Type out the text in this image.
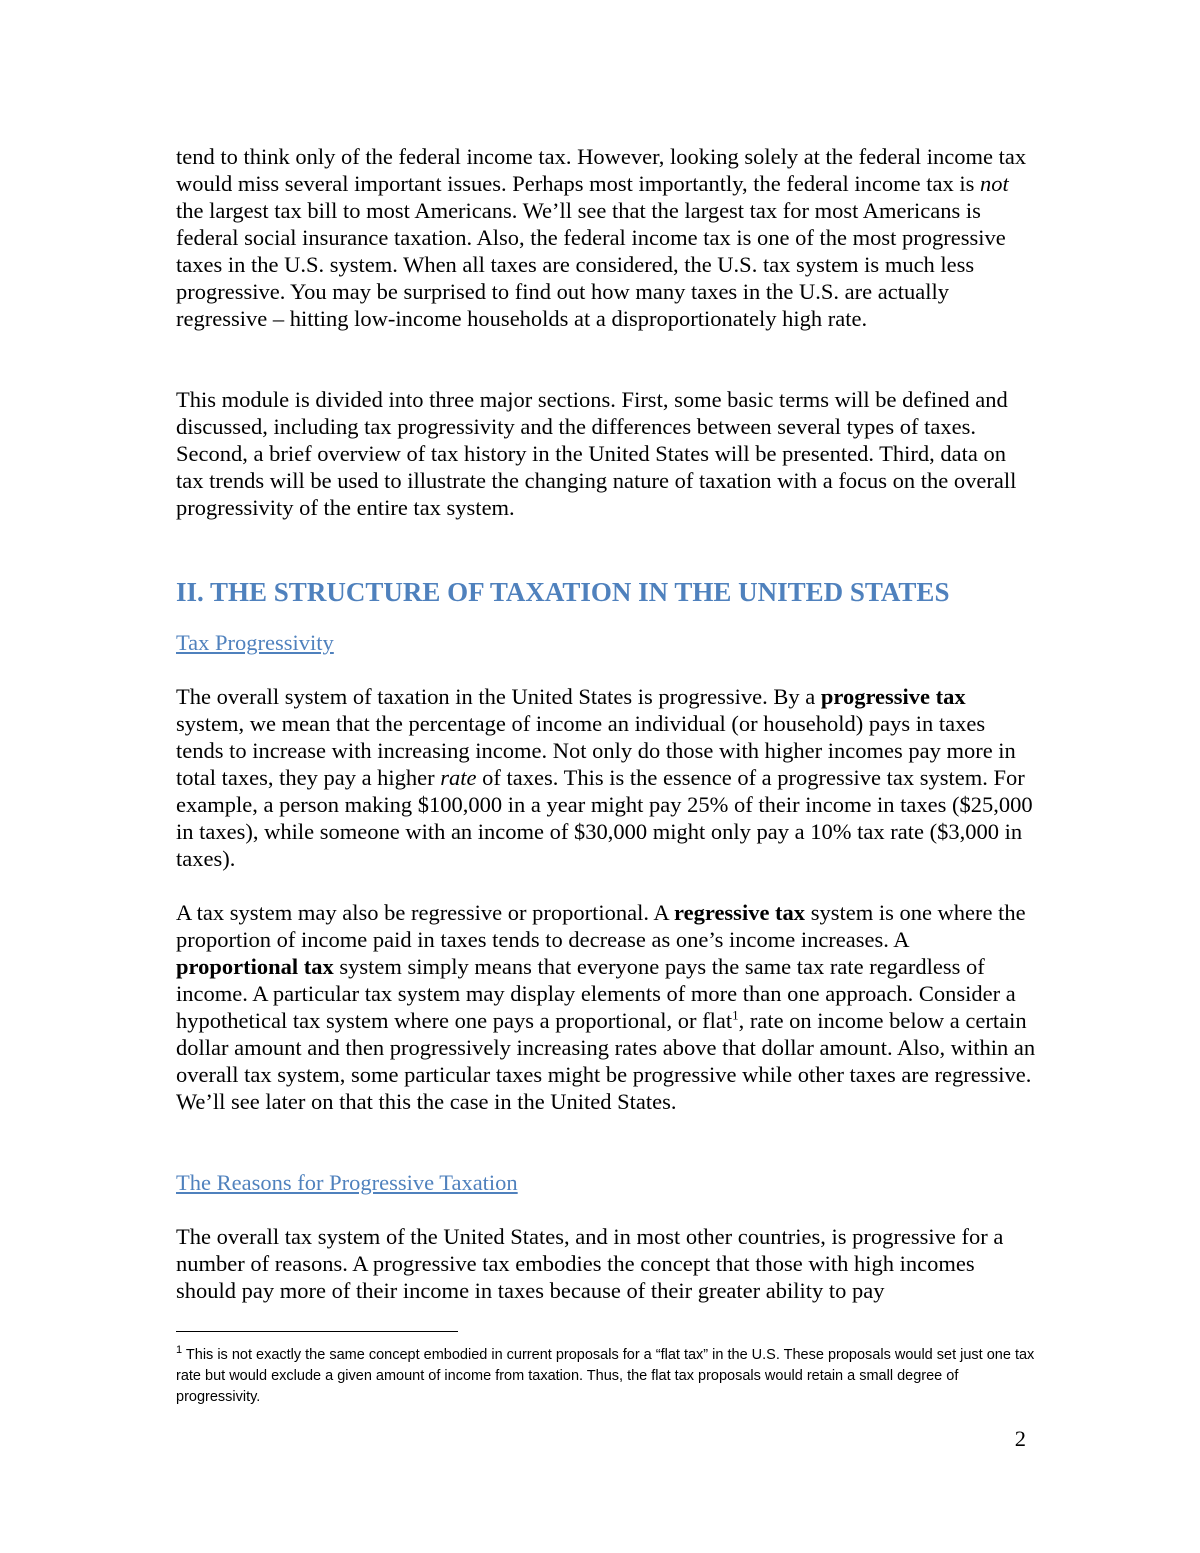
tend to think only of the federal income tax. However, looking solely at the federal income tax would miss several important issues. Perhaps most importantly, the federal income tax is not the largest tax bill to most Americans. We’ll see that the largest tax for most Americans is federal social insurance taxation. Also, the federal income tax is one of the most progressive taxes in the U.S. system. When all taxes are considered, the U.S. tax system is much less progressive. You may be surprised to find out how many taxes in the U.S. are actually regressive – hitting low-income households at a disproportionately high rate.

This module is divided into three major sections. First, some basic terms will be defined and discussed, including tax progressivity and the differences between several types of taxes. Second, a brief overview of tax history in the United States will be presented. Third, data on tax trends will be used to illustrate the changing nature of taxation with a focus on the overall progressivity of the entire tax system.

II. THE STRUCTURE OF TAXATION IN THE UNITED STATES

Tax Progressivity

The overall system of taxation in the United States is progressive. By a progressive tax system, we mean that the percentage of income an individual (or household) pays in taxes tends to increase with increasing income. Not only do those with higher incomes pay more in total taxes, they pay a higher rate of taxes. This is the essence of a progressive tax system. For example, a person making $100,000 in a year might pay 25% of their income in taxes ($25,000 in taxes), while someone with an income of $30,000 might only pay a 10% tax rate ($3,000 in taxes).

A tax system may also be regressive or proportional. A regressive tax system is one where the proportion of income paid in taxes tends to decrease as one’s income increases. A proportional tax system simply means that everyone pays the same tax rate regardless of income. A particular tax system may display elements of more than one approach. Consider a hypothetical tax system where one pays a proportional, or flat$^1$, rate on income below a certain dollar amount and then progressively increasing rates above that dollar amount. Also, within an overall tax system, some particular taxes might be progressive while other taxes are regressive. We’ll see later on that this the case in the United States.

The Reasons for Progressive Taxation

The overall tax system of the United States, and in most other countries, is progressive for a number of reasons. A progressive tax embodies the concept that those with high incomes should pay more of their income in taxes because of their greater ability to pay

$^1$ This is not exactly the same concept embodied in current proposals for a “flat tax” in the U.S. These proposals would set just one tax rate but would exclude a given amount of income from taxation. Thus, the flat tax proposals would retain a small degree of progressivity.

2
